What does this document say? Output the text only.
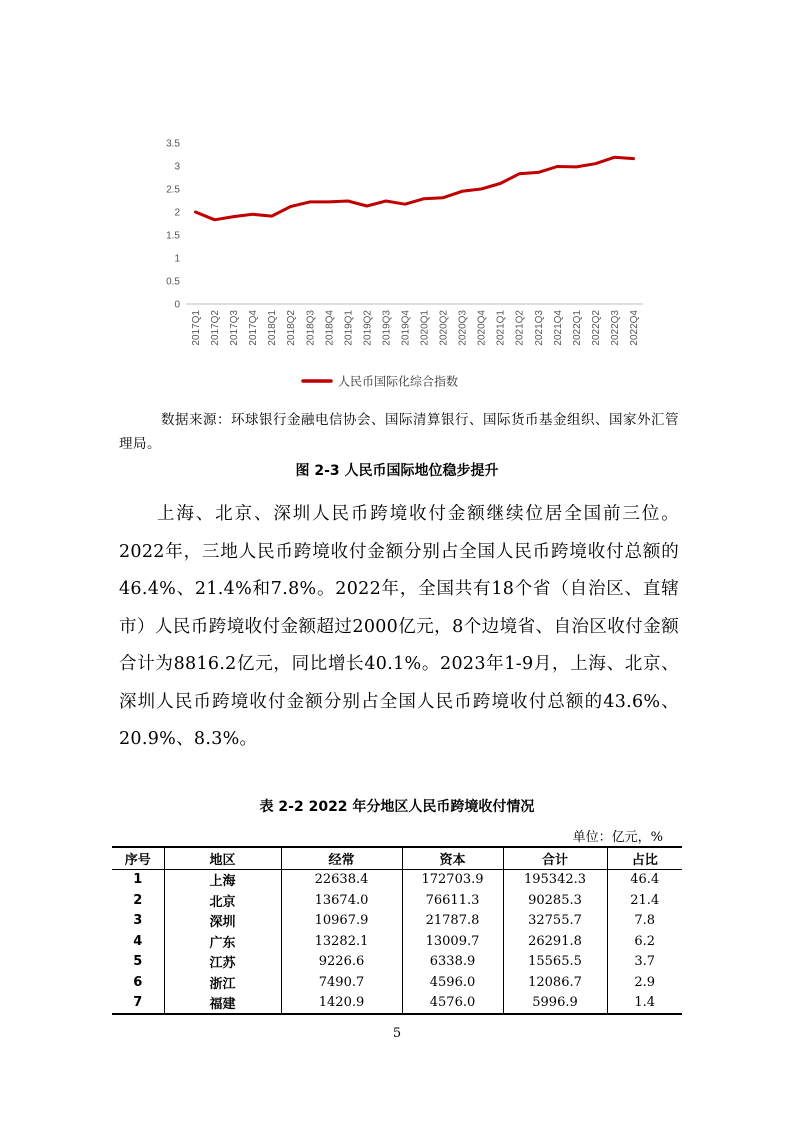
0
0.5
1
1.5
2
2.5
3
3.5
2017Q1 2017Q2 2017Q3 2017Q4 2018Q1 2018Q2 2018Q3 2018Q4 2019Q1 2019Q2 2019Q3 2019Q4 2020Q1 2020Q2 2020Q3 2020Q4 2021Q1 2021Q2 2021Q3 2021Q4 2022Q1 2022Q2 2022Q3 2022Q4
人民币国际化综合指数
数据来源：环球银行金融电信协会、国际清算银行、国际货币基金组织、国家外汇管理局。
图 2-3 人民币国际地位稳步提升
上海、北京、深圳人民币跨境收付金额继续位居全国前三位。2022年，三地人民币跨境收付金额分别占全国人民币跨境收付总额的46.4%、21.4%和7.8%。2022年，全国共有18个省（自治区、直辖市）人民币跨境收付金额超过2000亿元，8个边境省、自治区收付金额合计为8816.2亿元，同比增长40.1%。2023年1-9月，上海、北京、深圳人民币跨境收付金额分别占全国人民币跨境收付总额的43.6%、20.9%、8.3%。
表 2-2 2022 年分地区人民币跨境收付情况
单位：亿元，%
序号	地区	经常	资本	合计	占比
1	上海	22638.4	172703.9	195342.3	46.4
2	北京	13674.0	76611.3	90285.3	21.4
3	深圳	10967.9	21787.8	32755.7	7.8
4	广东	13282.1	13009.7	26291.8	6.2
5	江苏	9226.6	6338.9	15565.5	3.7
6	浙江	7490.7	4596.0	12086.7	2.9
7	福建	1420.9	4576.0	5996.9	1.4
5
